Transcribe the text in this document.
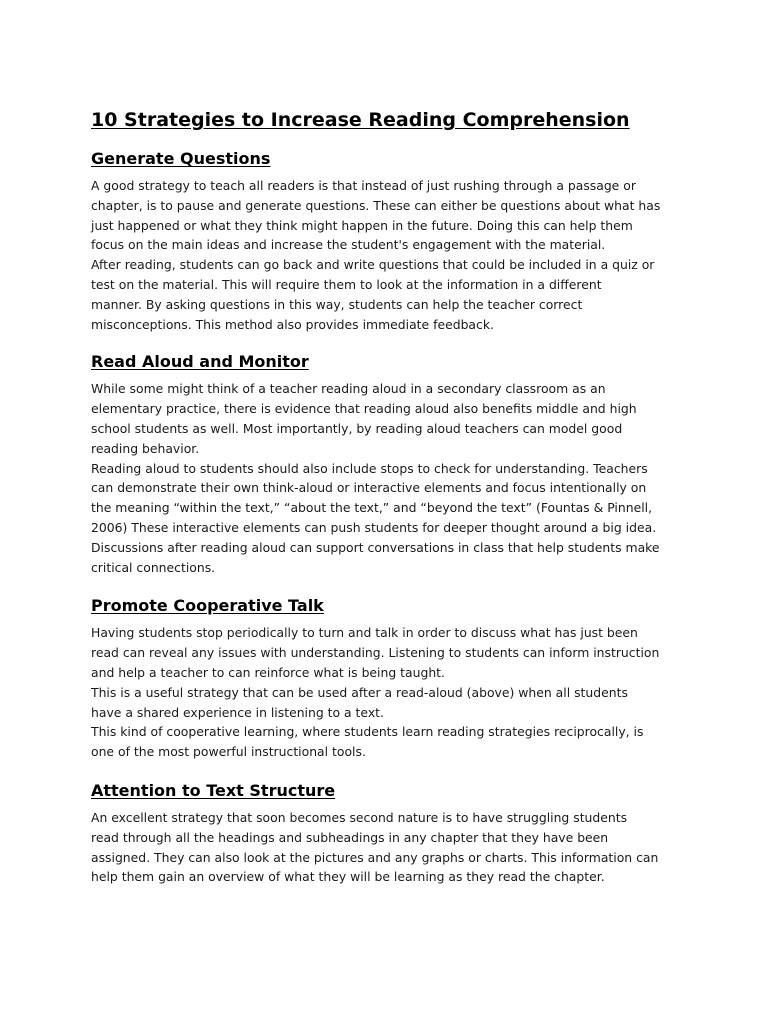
10 Strategies to Increase Reading Comprehension
Generate Questions
A good strategy to teach all readers is that instead of just rushing through a passage or
chapter, is to pause and generate questions. These can either be questions about what has
just happened or what they think might happen in the future. Doing this can help them
focus on the main ideas and increase the student's engagement with the material.
After reading, students can go back and write questions that could be included in a quiz or
test on the material. This will require them to look at the information in a different
manner. By asking questions in this way, students can help the teacher correct
misconceptions. This method also provides immediate feedback.
Read Aloud and Monitor
While some might think of a teacher reading aloud in a secondary classroom as an
elementary practice, there is evidence that reading aloud also benefits middle and high
school students as well. Most importantly, by reading aloud teachers can model good
reading behavior.
Reading aloud to students should also include stops to check for understanding. Teachers
can demonstrate their own think-aloud or interactive elements and focus intentionally on
the meaning “within the text,” “about the text,” and “beyond the text” (Fountas & Pinnell,
2006) These interactive elements can push students for deeper thought around a big idea.
Discussions after reading aloud can support conversations in class that help students make
critical connections.
Promote Cooperative Talk
Having students stop periodically to turn and talk in order to discuss what has just been
read can reveal any issues with understanding. Listening to students can inform instruction
and help a teacher to can reinforce what is being taught.
This is a useful strategy that can be used after a read-aloud (above) when all students
have a shared experience in listening to a text.
This kind of cooperative learning, where students learn reading strategies reciprocally, is
one of the most powerful instructional tools.
Attention to Text Structure
An excellent strategy that soon becomes second nature is to have struggling students
read through all the headings and subheadings in any chapter that they have been
assigned. They can also look at the pictures and any graphs or charts. This information can
help them gain an overview of what they will be learning as they read the chapter.
